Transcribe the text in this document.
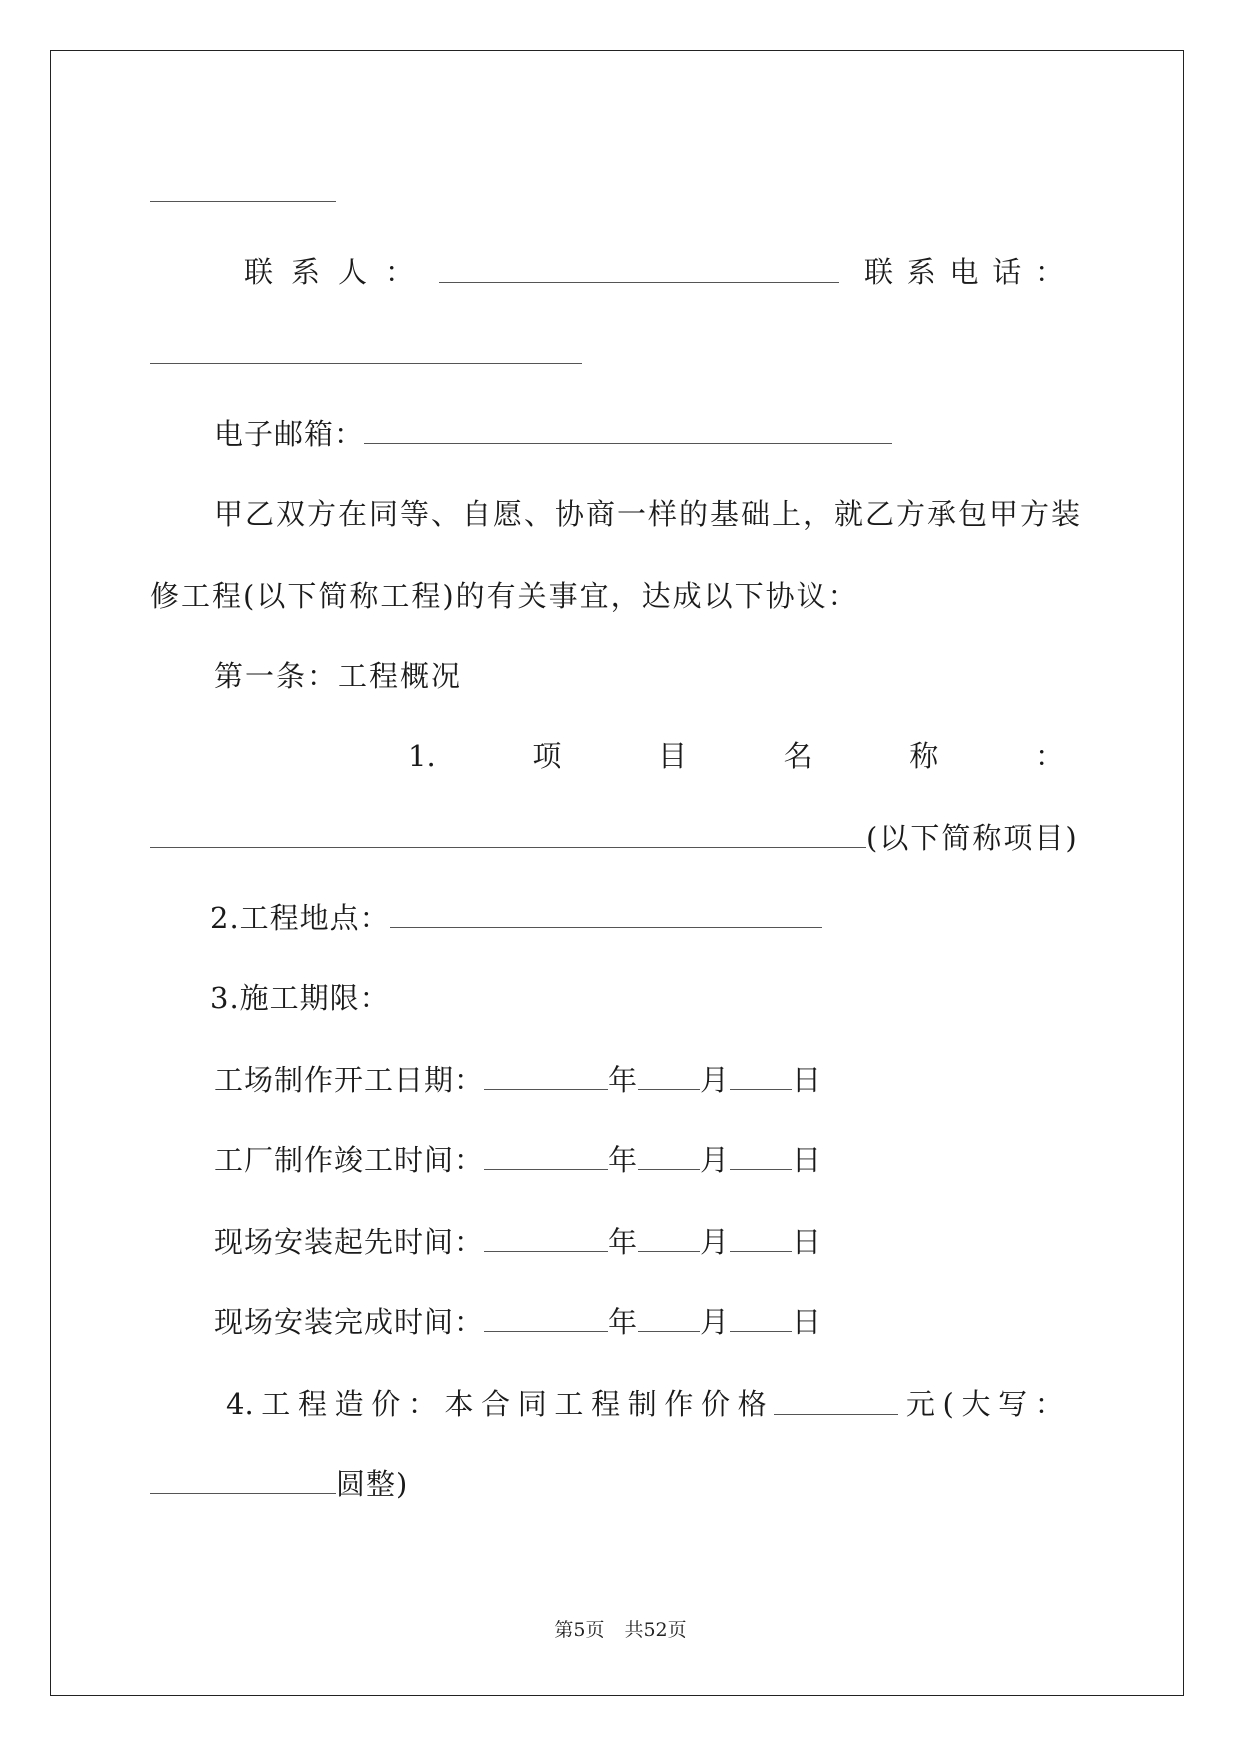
联 系 人 ：	联 系 电 话 ：
电子邮箱：
甲乙双方在同等、自愿、协商一样的基础上，就乙方承包甲方装
修工程(以下简称工程)的有关事宜，达成以下协议：
第一条：工程概况
1.	项	目	名	称	：
(以下简称项目)
2.工程地点：
3.施工期限：
工场制作开工日期：	年 月 日
工厂制作竣工时间：	年 月 日
现场安装起先时间：	年 月 日
现场安装完成时间：	年 月 日
4. 工 程 造 价 ： 本 合 同 工 程 制 作 价 格	元 ( 大 写 ：
圆整)
第5页 共52页
